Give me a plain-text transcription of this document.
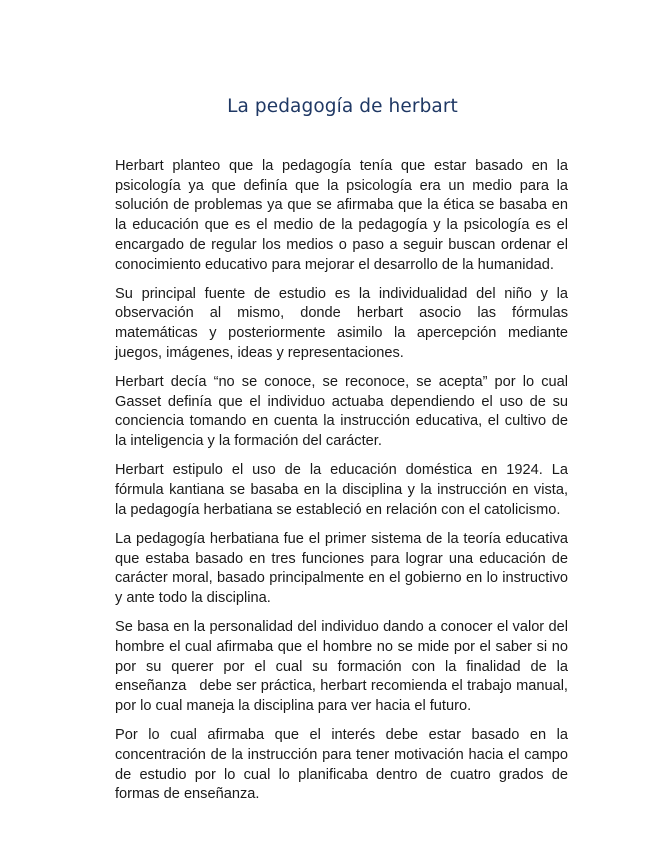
La pedagogía de herbart

Herbart planteo que la pedagogía tenía que estar basado en la psicología ya que definía que la psicología era un medio para la solución de problemas ya que se afirmaba que la ética se basaba en la educación que es el medio de la pedagogía y la psicología es el encargado de regular los medios o paso a seguir buscan ordenar el conocimiento educativo para mejorar el desarrollo de la humanidad.

Su principal fuente de estudio es la individualidad del niño y la observación al mismo, donde herbart asocio las fórmulas matemáticas y posteriormente asimilo la apercepción mediante juegos, imágenes, ideas y representaciones.

Herbart decía “no se conoce, se reconoce, se acepta” por lo cual Gasset definía que el individuo actuaba dependiendo el uso de su conciencia tomando en cuenta la instrucción educativa, el cultivo de la inteligencia y la formación del carácter.

Herbart estipulo el uso de la educación doméstica en 1924. La fórmula kantiana se basaba en la disciplina y la instrucción en vista, la pedagogía herbatiana se estableció en relación con el catolicismo.

La pedagogía herbatiana fue el primer sistema de la teoría educativa que estaba basado en tres funciones para lograr una educación de carácter moral, basado principalmente en el gobierno en lo instructivo y ante todo la disciplina.

Se basa en la personalidad del individuo dando a conocer el valor del hombre el cual afirmaba que el hombre no se mide por el saber si no por su querer por el cual su formación con la finalidad de la enseñanza   debe ser práctica, herbart recomienda el trabajo manual, por lo cual maneja la disciplina para ver hacia el futuro.

Por lo cual afirmaba que el interés debe estar basado en la concentración de la instrucción para tener motivación hacia el campo de estudio por lo cual lo planificaba dentro de cuatro grados de formas de enseñanza.
